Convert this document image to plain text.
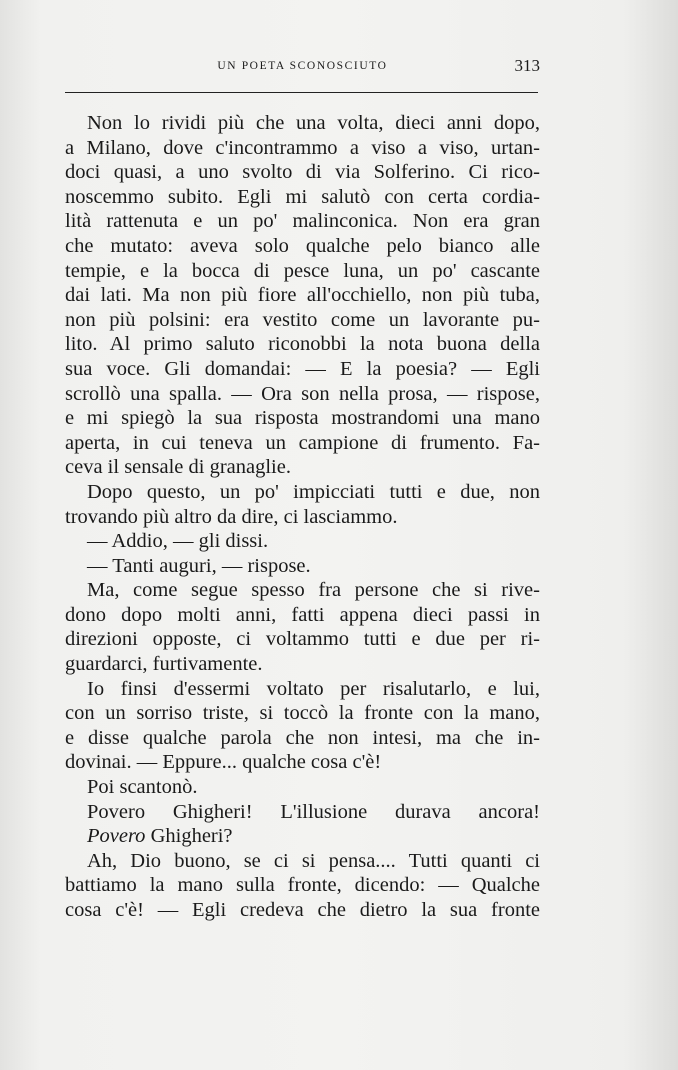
UN POETA SCONOSCIUTO	313
Non lo rividi più che una volta, dieci anni dopo,
a Milano, dove c'incontrammo a viso a viso, urtan-
doci quasi, a uno svolto di via Solferino. Ci rico-
noscemmo subito. Egli mi salutò con certa cordia-
lità rattenuta e un po' malinconica. Non era gran
che mutato: aveva solo qualche pelo bianco alle
tempie, e la bocca di pesce luna, un po' cascante
dai lati. Ma non più fiore all'occhiello, non più tuba,
non più polsini: era vestito come un lavorante pu-
lito. Al primo saluto riconobbi la nota buona della
sua voce. Gli domandai: — E la poesia? — Egli
scrollò una spalla. — Ora son nella prosa, — rispose,
e mi spiegò la sua risposta mostrandomi una mano
aperta, in cui teneva un campione di frumento. Fa-
ceva il sensale di granaglie.
Dopo questo, un po' impicciati tutti e due, non
trovando più altro da dire, ci lasciammo.
— Addio, — gli dissi.
— Tanti auguri, — rispose.
Ma, come segue spesso fra persone che si rive-
dono dopo molti anni, fatti appena dieci passi in
direzioni opposte, ci voltammo tutti e due per ri-
guardarci, furtivamente.
Io finsi d'essermi voltato per risalutarlo, e lui,
con un sorriso triste, si toccò la fronte con la mano,
e disse qualche parola che non intesi, ma che in-
dovinai. — Eppure... qualche cosa c'è!
Poi scantonò.
Povero Ghigheri! L'illusione durava ancora!
Povero Ghigheri?
Ah, Dio buono, se ci si pensa.... Tutti quanti ci
battiamo la mano sulla fronte, dicendo: — Qualche
cosa c'è! — Egli credeva che dietro la sua fronte
